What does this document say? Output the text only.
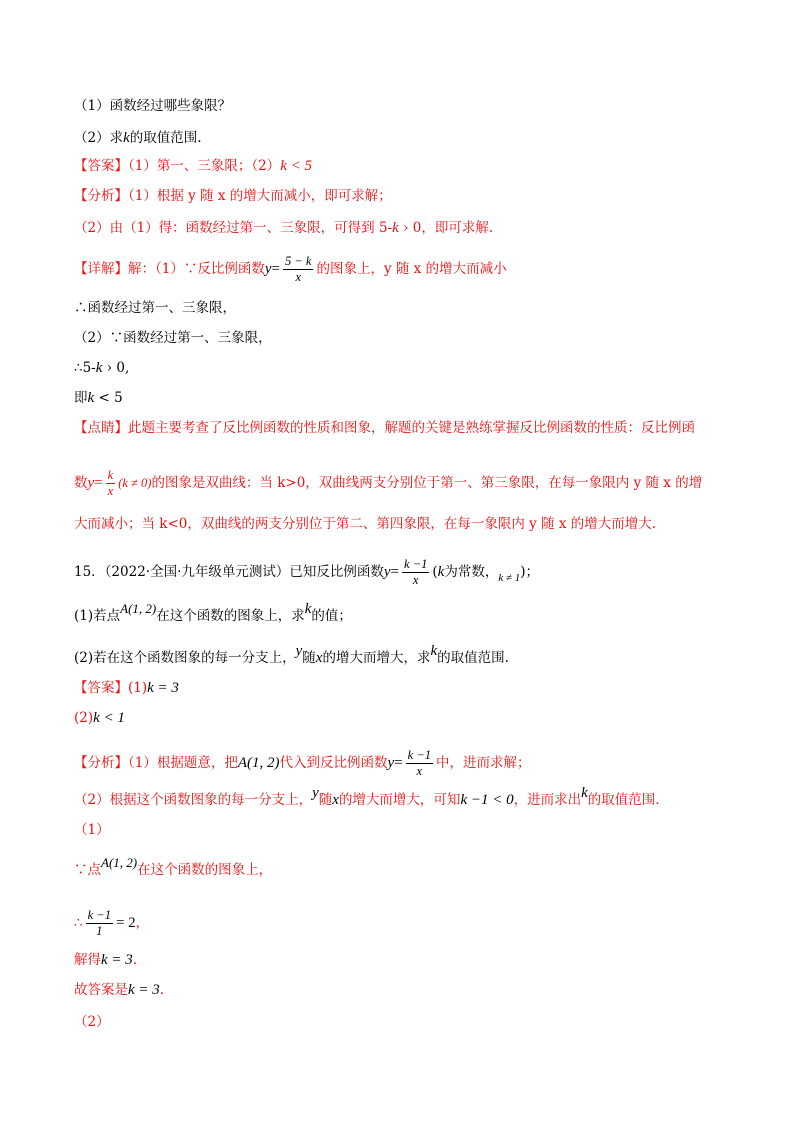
（1）函数经过哪些象限？
（2）求k的取值范围.
【答案】（1）第一、三象限；（2）k < 5
【分析】（1）根据 y 随 x 的增大而减小，即可求解；
（2）由（1）得：函数经过第一、三象限，可得到 5-k › 0，即可求解.
【详解】解：（1）∵反比例函数$y= \frac{5 - k}{x}$ 的图象上，y 随 x 的增大而减小
∴函数经过第一、三象限，
（2）∵函数经过第一、三象限，
∴5-k › 0,
即k < 5
【点睛】此题主要考查了反比例函数的性质和图象，解题的关键是熟练掌握反比例函数的性质：反比例函
数$y= \frac{k}{x} (k \ne 0)$的图象是双曲线：当 k>0，双曲线两支分别位于第一、第三象限，在每一象限内 y 随 x 的增
大而减小；当 k<0，双曲线的两支分别位于第二、第四象限，在每一象限内 y 随 x 的增大而增大.
15．（2022·全国·九年级单元测试）已知反比例函数$y= \frac{k -1}{x} (k$为常数，$_{k \ne 1}$)；
(1)若点A(1, 2)在这个函数的图象上，求k的值；
(2)若在这个函数图象的每一分支上，y随x的增大而增大，求k的取值范围.
【答案】(1)k = 3
(2)k < 1
【分析】（1）根据题意，把A(1, 2)代入到反比例函数$y= \frac{k -1}{x}$ 中，进而求解；
（2）根据这个函数图象的每一分支上，y随x的增大而增大，可知k −1 < 0，进而求出k的取值范围.
（1）
∵点A(1, 2)在这个函数的图象上，
∴ $\frac{k -1}{1} = 2$，
解得k = 3.
故答案是k = 3.
（2）
